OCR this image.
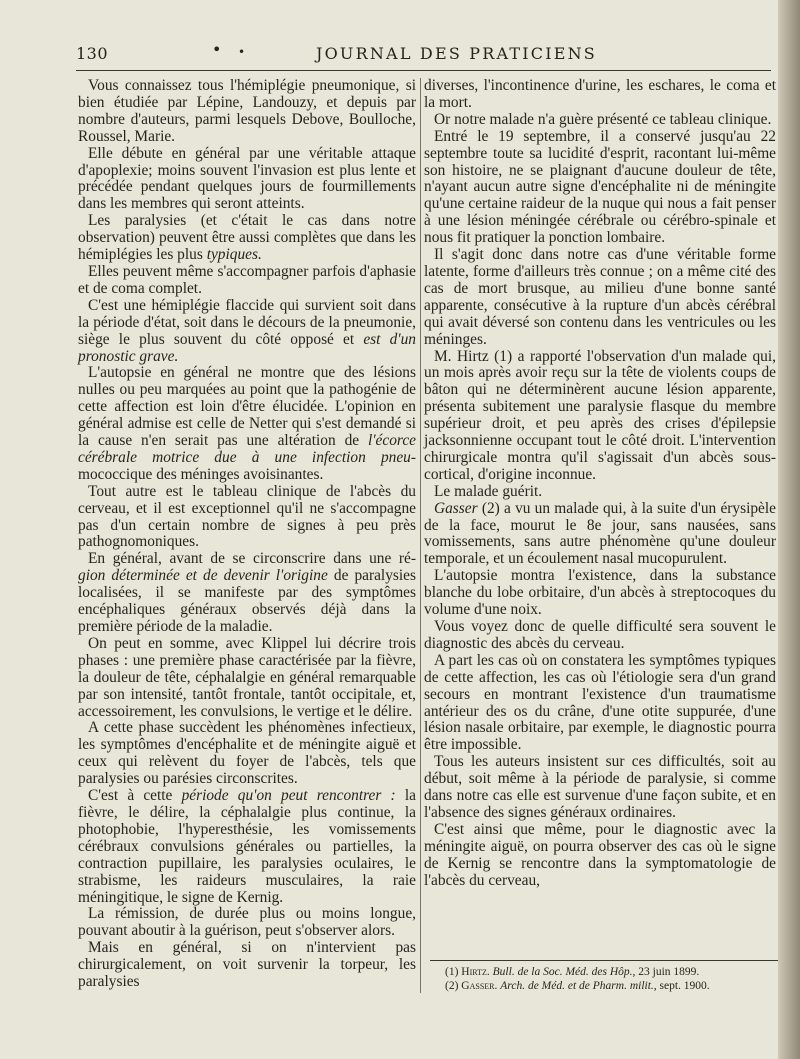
130	• •	JOURNAL DES PRATICIENS

Vous connaissez tous l'hémiplégie pneumonique, si bien étudiée par Lépine, Landouzy, et depuis par nombre d'auteurs, parmi lesquels Debove, Boulloche, Roussel, Marie.

Elle débute en général par une véritable attaque d'apoplexie; moins souvent l'invasion est plus lente et précédée pendant quelques jours de fourmillements dans les membres qui seront atteints.

Les paralysies (et c'était le cas dans notre observation) peuvent être aussi complètes que dans les hémiplégies les plus typiques.

Elles peuvent même s'accompagner parfois d'aphasie et de coma complet.

C'est une hémiplégie flaccide qui survient soit dans la période d'état, soit dans le décours de la pneumonie, siège le plus souvent du côté opposé et est d'un pronostic grave.

L'autopsie en général ne montre que des lésions nulles ou peu marquées au point que la pathogénie de cette affection est loin d'être élucidée. L'opinion en général admise est celle de Netter qui s'est demandé si la cause n'en serait pas une altération de l'écorce cérébrale motrice due à une infection pneu- mococcique des méninges avoisinantes.

Tout autre est le tableau clinique de l'abcès du cerveau, et il est exceptionnel qu'il ne s'accompagne pas d'un certain nombre de signes à peu près pathognomoniques.

En général, avant de se circonscrire dans une ré- gion déterminée et de devenir l'origine de paralysies localisées, il se manifeste par des symptômes encéphaliques généraux observés déjà dans la première période de la maladie.

On peut en somme, avec Klippel lui décrire trois phases : une première phase caractérisée par la fièvre, la douleur de tête, céphalalgie en général remarquable par son intensité, tantôt frontale, tantôt occipitale, et, accessoirement, les convulsions, le vertige et le délire.

A cette phase succèdent les phénomènes infectieux, les symptômes d'encéphalite et de méningite aiguë et ceux qui relèvent du foyer de l'abcès, tels que paralysies ou parésies circonscrites.

C'est à cette période qu'on peut rencontrer : la fièvre, le délire, la céphalalgie plus continue, la photophobie, l'hyperesthésie, les vomissements cérébraux convulsions générales ou partielles, la contraction pupillaire, les paralysies oculaires, le strabisme, les raideurs musculaires, la raie méningitique, le signe de Kernig.

La rémission, de durée plus ou moins longue, pouvant aboutir à la guérison, peut s'observer alors.

Mais en général, si on n'intervient pas chirurgicalement, on voit survenir la torpeur, les paralysies

diverses, l'incontinence d'urine, les eschares, le coma et la mort.

Or notre malade n'a guère présenté ce tableau clinique.

Entré le 19 septembre, il a conservé jusqu'au 22 septembre toute sa lucidité d'esprit, racontant lui-même son histoire, ne se plaignant d'aucune douleur de tête, n'ayant aucun autre signe d'encéphalite ni de méningite qu'une certaine raideur de la nuque qui nous a fait penser à une lésion méningée cérébrale ou cérébro-spinale et nous fit pratiquer la ponction lombaire.

Il s'agit donc dans notre cas d'une véritable forme latente, forme d'ailleurs très connue ; on a même cité des cas de mort brusque, au milieu d'une bonne santé apparente, consécutive à la rupture d'un abcès cérébral qui avait déversé son contenu dans les ventricules ou les méninges.

M. Hirtz (1) a rapporté l'observation d'un malade qui, un mois après avoir reçu sur la tête de violents coups de bâton qui ne déterminèrent aucune lésion apparente, présenta subitement une paralysie flasque du membre supérieur droit, et peu après des crises d'épilepsie jacksonnienne occupant tout le côté droit. L'intervention chirurgicale montra qu'il s'agissait d'un abcès sous-cortical, d'origine inconnue.

Le malade guérit.

Gasser (2) a vu un malade qui, à la suite d'un érysipèle de la face, mourut le 8e jour, sans nausées, sans vomissements, sans autre phénomène qu'une douleur temporale, et un écoulement nasal mucopurulent.

L'autopsie montra l'existence, dans la substance blanche du lobe orbitaire, d'un abcès à streptocoques du volume d'une noix.

Vous voyez donc de quelle difficulté sera souvent le diagnostic des abcès du cerveau.

A part les cas où on constatera les symptômes typiques de cette affection, les cas où l'étiologie sera d'un grand secours en montrant l'existence d'un traumatisme antérieur des os du crâne, d'une otite suppurée, d'une lésion nasale orbitaire, par exemple, le diagnostic pourra être impossible.

Tous les auteurs insistent sur ces difficultés, soit au début, soit même à la période de paralysie, si comme dans notre cas elle est survenue d'une façon subite, et en l'absence des signes généraux ordinaires.

C'est ainsi que même, pour le diagnostic avec la méningite aiguë, on pourra observer des cas où le signe de Kernig se rencontre dans la symptomatologie de l'abcès du cerveau,

(1) Hirtz. Bull. de la Soc. Méd. des Hôp., 23 juin 1899.
(2) Gasser. Arch. de Méd. et de Pharm. milit., sept. 1900.
